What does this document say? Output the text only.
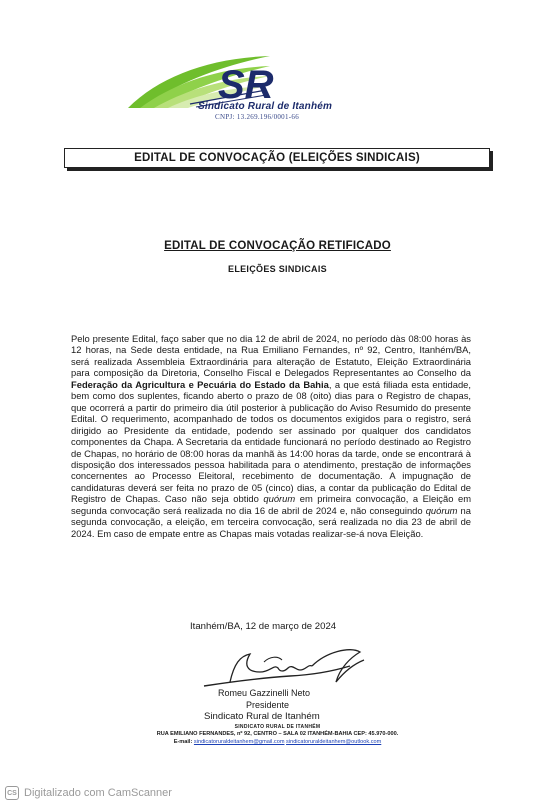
SR
Sindicato Rural de Itanhém
CNPJ: 13.269.196/0001-66
EDITAL DE CONVOCAÇÃO (ELEIÇÕES SINDICAIS)
EDITAL DE CONVOCAÇÃO RETIFICADO
ELEIÇÕES SINDICAIS
Pelo presente Edital, faço saber que no dia 12 de abril de 2024, no período dàs 08:00 horas às 12 horas, na Sede desta entidade, na Rua Emiliano Fernandes, nº 92, Centro, Itanhém/BA, será realizada Assembleia Extraordinária para alteração de Estatuto, Eleição Extraordinária para composição da Diretoria, Conselho Fiscal e Delegados Representantes ao Conselho da Federação da Agricultura e Pecuária do Estado da Bahia, a que está filiada esta entidade, bem como dos suplentes, ficando aberto o prazo de 08 (oito) dias para o Registro de chapas, que ocorrerá a partir do primeiro dia útil posterior à publicação do Aviso Resumido do presente Edital. O requerimento, acompanhado de todos os documentos exigidos para o registro, será dirigido ao Presidente da entidade, podendo ser assinado por qualquer dos candidatos componentes da Chapa. A Secretaria da entidade funcionará no período destinado ao Registro de Chapas, no horário de 08:00 horas da manhã às 14:00 horas da tarde, onde se encontrará à disposição dos interessados pessoa habilitada para o atendimento, prestação de informações concernentes ao Processo Eleitoral, recebimento de documentação. A impugnação de candidaturas deverá ser feita no prazo de 05 (cinco) dias, a contar da publicação do Edital de Registro de Chapas. Caso não seja obtido quórum em primeira convocação, a Eleição em segunda convocação será realizada no dia 16 de abril de 2024 e, não conseguindo quórum na segunda convocação, a eleição, em terceira convocação, será realizada no dia 23 de abril de 2024. Em caso de empate entre as Chapas mais votadas realizar-se-á nova Eleição.
Itanhém/BA, 12 de março de 2024
Romeu Gazzinelli Neto
Presidente
Sindicato Rural de Itanhém
SINDICATO RURAL DE ITANHÉM
RUA EMILIANO FERNANDES, nº 92, CENTRO – SALA 02 ITANHÉM-BAHIA CEP: 45.970-000.
E-mail: sindicatoruraldeitanhem@gmail.com sindicatoruraldeitanhem@outlook.com
CS Digitalizado com CamScanner
